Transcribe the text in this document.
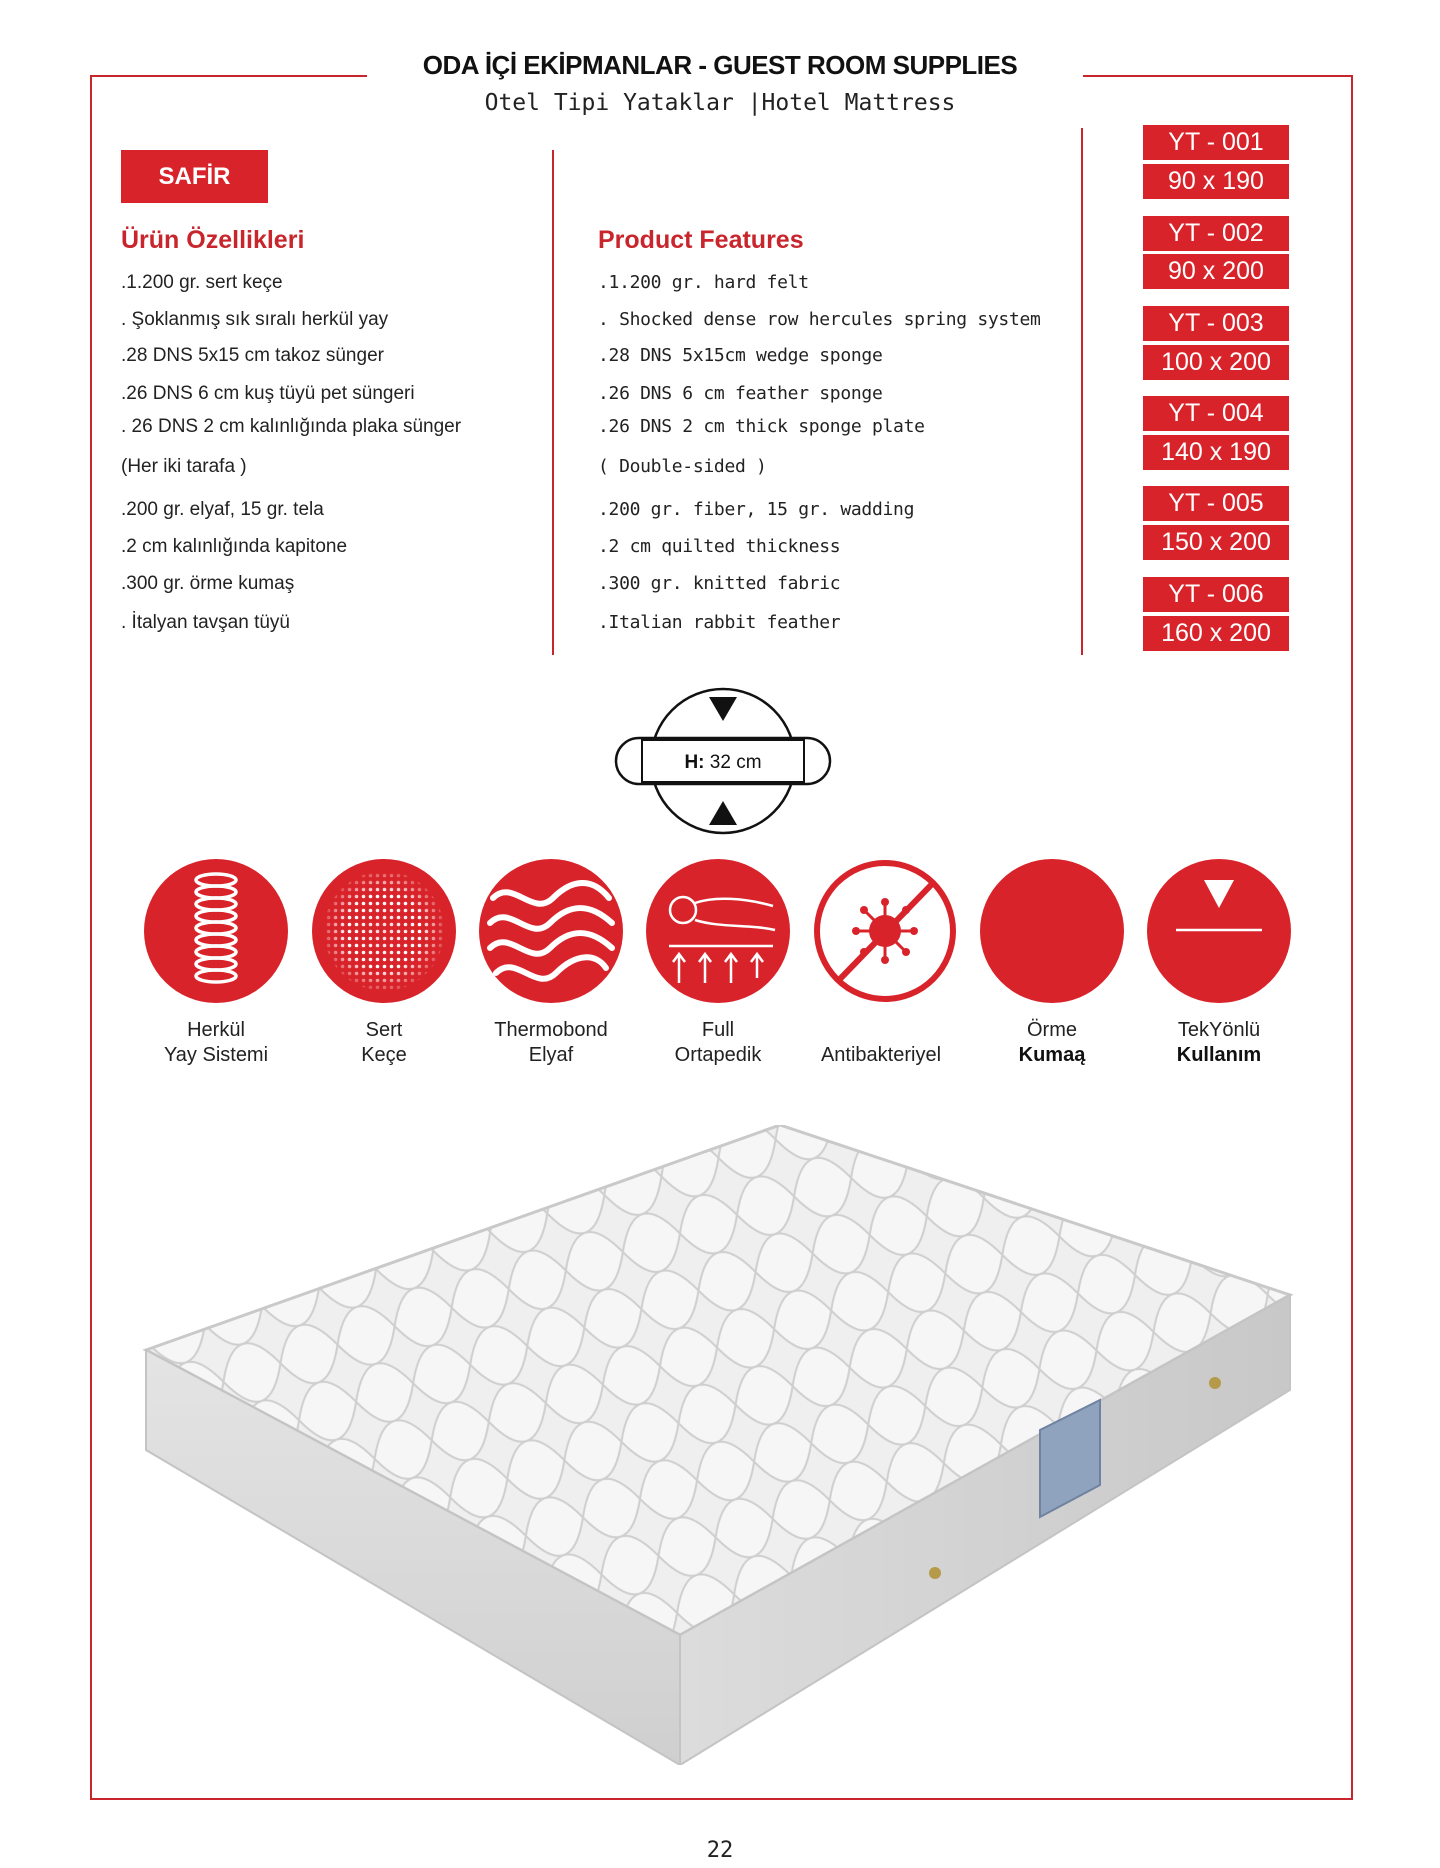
ODA İÇİ EKİPMANLAR - GUEST ROOM SUPPLIES
Otel Tipi Yataklar |Hotel Mattress
SAFİR
Ürün Özellikleri
.1.200 gr. sert keçe
. Şoklanmış sık sıralı herkül yay
.28 DNS 5x15 cm takoz sünger
.26 DNS 6 cm kuş tüyü pet süngeri
. 26 DNS 2 cm kalınlığında plaka sünger
(Her iki tarafa )
.200 gr. elyaf, 15 gr. tela
.2 cm kalınlığında kapitone
.300 gr. örme kumaş
. İtalyan tavşan tüyü
Product Features
.1.200 gr. hard felt
. Shocked dense row hercules spring system
.28 DNS 5x15cm wedge sponge
.26 DNS 6 cm feather sponge
.26 DNS 2 cm thick sponge plate
( Double-sided )
.200 gr. fiber, 15 gr. wadding
.2 cm quilted thickness
.300 gr. knitted fabric
.Italian rabbit feather
YT - 001
90 x 190
YT - 002
90 x 200
YT - 003
100 x 200
YT - 004
140 x 190
YT - 005
150 x 200
YT - 006
160 x 200
H: 32 cm
Herkül
Yay Sistemi
Sert
Keçe
Thermobond
Elyaf
Full
Ortapedik
	Antibakteriyel
Örme
Kumaą
TekYönlü
Kullanım
22
